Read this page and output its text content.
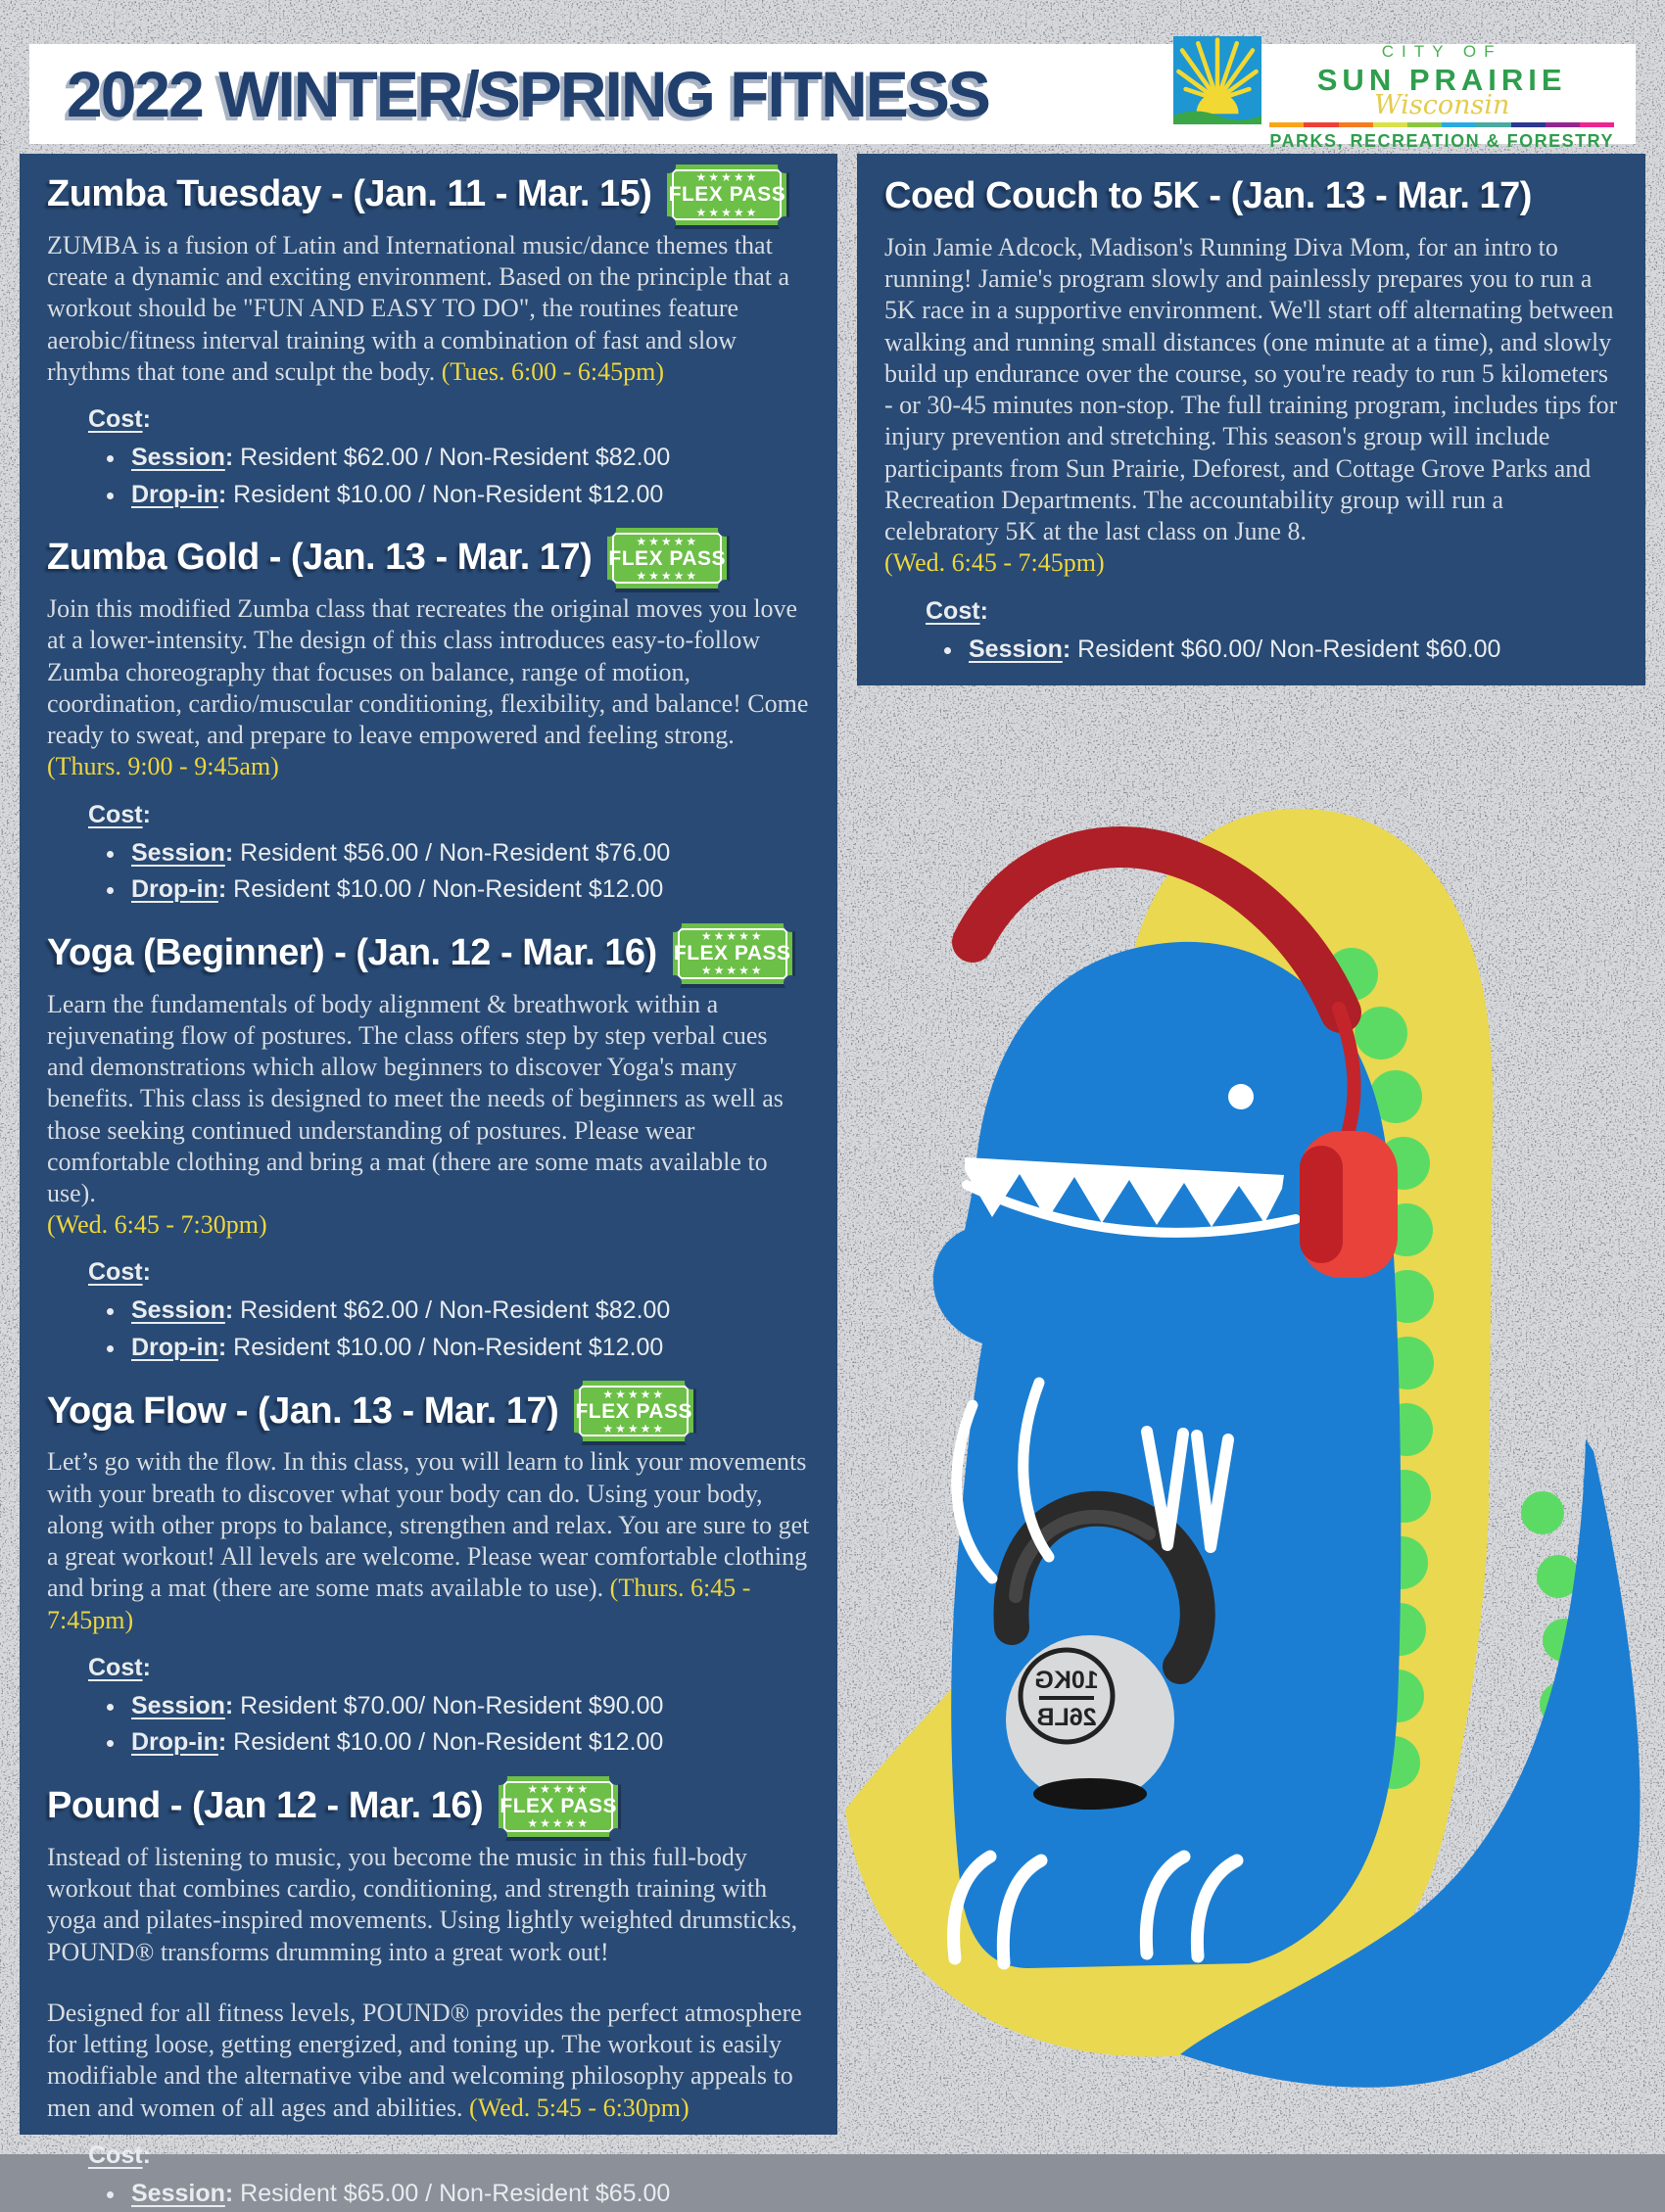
2022 WINTER/SPRING FITNESS
CITY OF
SUN PRAIRIE
Wisconsin
PARKS, RECREATION & FORESTRY
Zumba Tuesday - (Jan. 11 - Mar. 15)	★★★★★
FLEX PASS
★★★★★

ZUMBA is a fusion of Latin and International music/dance themes that create a dynamic and exciting environment. Based on the principle that a workout should be "FUN AND EASY TO DO", the routines feature aerobic/fitness interval training with a combination of fast and slow rhythms that tone and sculpt the body. (Tues. 6:00 - 6:45pm)

Cost:
• Session: Resident $62.00 / Non-Resident $82.00
• Drop-in: Resident $10.00 / Non-Resident $12.00
Zumba Gold - (Jan. 13 - Mar. 17)	★★★★★
FLEX PASS
★★★★★

Join this modified Zumba class that recreates the original moves you love at a lower-intensity. The design of this class introduces easy-to-follow Zumba choreography that focuses on balance, range of motion, coordination, cardio/muscular conditioning, flexibility, and balance! Come ready to sweat, and prepare to leave empowered and feeling strong.

(Thurs. 9:00 - 9:45am)

Cost:
• Session: Resident $56.00 / Non-Resident $76.00
• Drop-in: Resident $10.00 / Non-Resident $12.00
Yoga (Beginner) - (Jan. 12 - Mar. 16)	★★★★★
FLEX PASS
★★★★★

Learn the fundamentals of body alignment & breathwork within a rejuvenating flow of postures. The class offers step by step verbal cues and demonstrations which allow beginners to discover Yoga's many benefits. This class is designed to meet the needs of beginners as well as those seeking continued understanding of postures. Please wear comfortable clothing and bring a mat (there are some mats available to use).

(Wed. 6:45 - 7:30pm)

Cost:
• Session: Resident $62.00 / Non-Resident $82.00
• Drop-in: Resident $10.00 / Non-Resident $12.00
Yoga Flow - (Jan. 13 - Mar. 17)	★★★★★
FLEX PASS
★★★★★

Let’s go with the flow. In this class, you will learn to link your movements with your breath to discover what your body can do. Using your body, along with other props to balance, strengthen and relax. You are sure to get a great workout! All levels are welcome. Please wear comfortable clothing and bring a mat (there are some mats available to use). (Thurs. 6:45 - 7:45pm)

Cost:
• Session: Resident $70.00/ Non-Resident $90.00
• Drop-in: Resident $10.00 / Non-Resident $12.00
Pound - (Jan 12 - Mar. 16)	★★★★★
FLEX PASS
★★★★★

Instead of listening to music, you become the music in this full-body workout that combines cardio, conditioning, and strength training with yoga and pilates-inspired movements. Using lightly weighted drumsticks, POUND® transforms drumming into a great work out!

Designed for all fitness levels, POUND® provides the perfect atmosphere for letting loose, getting energized, and toning up. The workout is easily modifiable and the alternative vibe and welcoming philosophy appeals to men and women of all ages and abilities. (Wed. 5:45 - 6:30pm)

Cost:
• Session: Resident $65.00 / Non-Resident $65.00
Coed Couch to 5K - (Jan. 13 - Mar. 17)

Join Jamie Adcock, Madison's Running Diva Mom, for an intro to running! Jamie's program slowly and painlessly prepares you to run a 5K race in a supportive environment. We'll start off alternating between walking and running small distances (one minute at a time), and slowly build up endurance over the course, so you're ready to run 5 kilometers - or 30-45 minutes non-stop. The full training program, includes tips for injury prevention and stretching. This season's group will include participants from Sun Prairie, Deforest, and Cottage Grove Parks and Recreation Departments. The accountability group will run a celebratory 5K at the last class on June 8.

(Wed. 6:45 - 7:45pm)

Cost:
• Session: Resident $60.00/ Non-Resident $60.00
10KG
26LB
